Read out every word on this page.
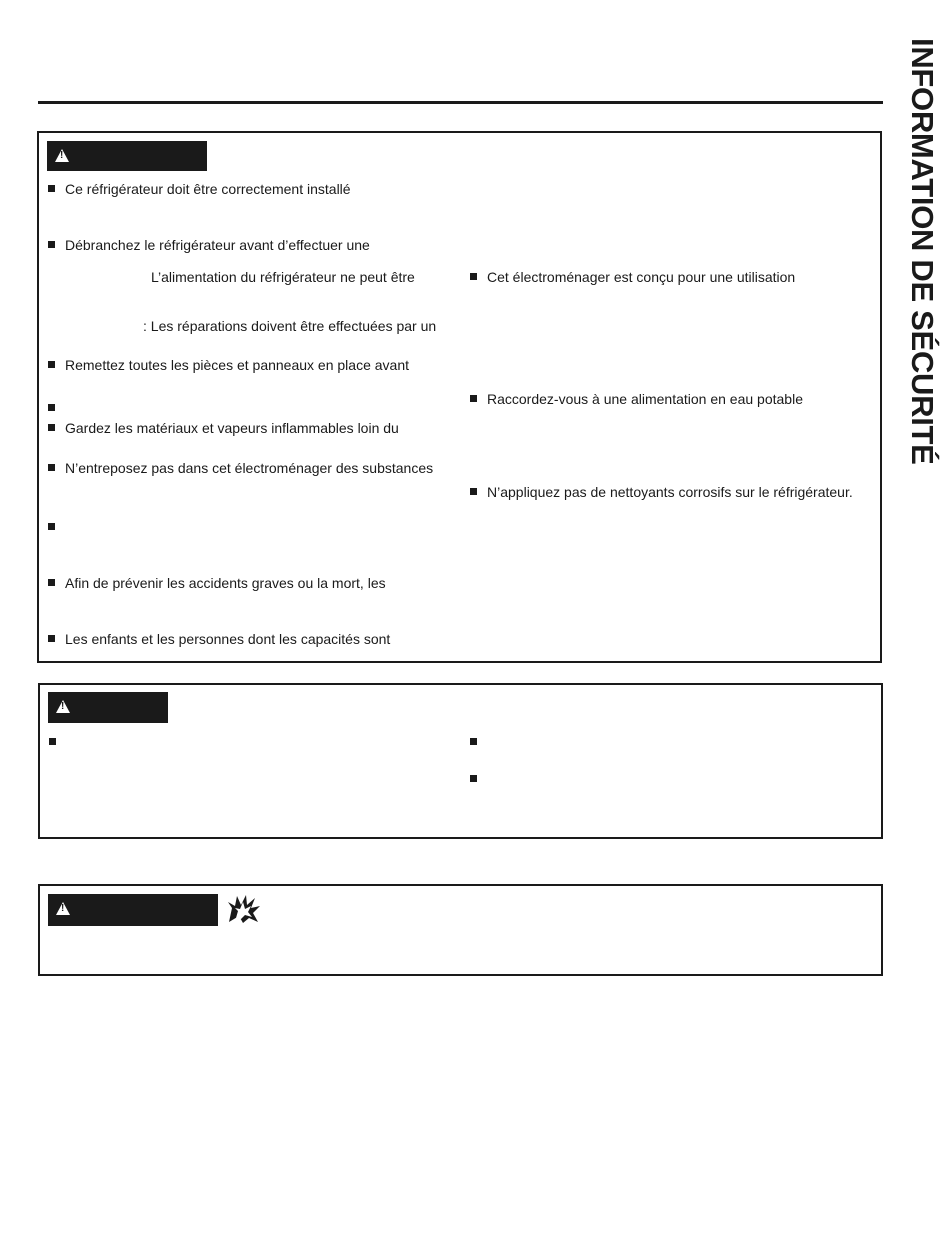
INFORMATION DE SÉCURITÉ
!
Ce réfrigérateur doit être correctement installé
Débranchez le réfrigérateur avant d’effectuer une
L’alimentation du réfrigérateur ne peut être
: Les réparations doivent être effectuées par un
Remettez toutes les pièces et panneaux en place avant
Gardez les matériaux et vapeurs inflammables loin du
N’entreposez pas dans cet électroménager des substances
Afin de prévenir les accidents graves ou la mort, les
Les enfants et les personnes dont les capacités sont
Cet électroménager est conçu pour une utilisation
Raccordez-vous à une alimentation en eau potable
N’appliquez pas de nettoyants corrosifs sur le réfrigérateur.
!
!
